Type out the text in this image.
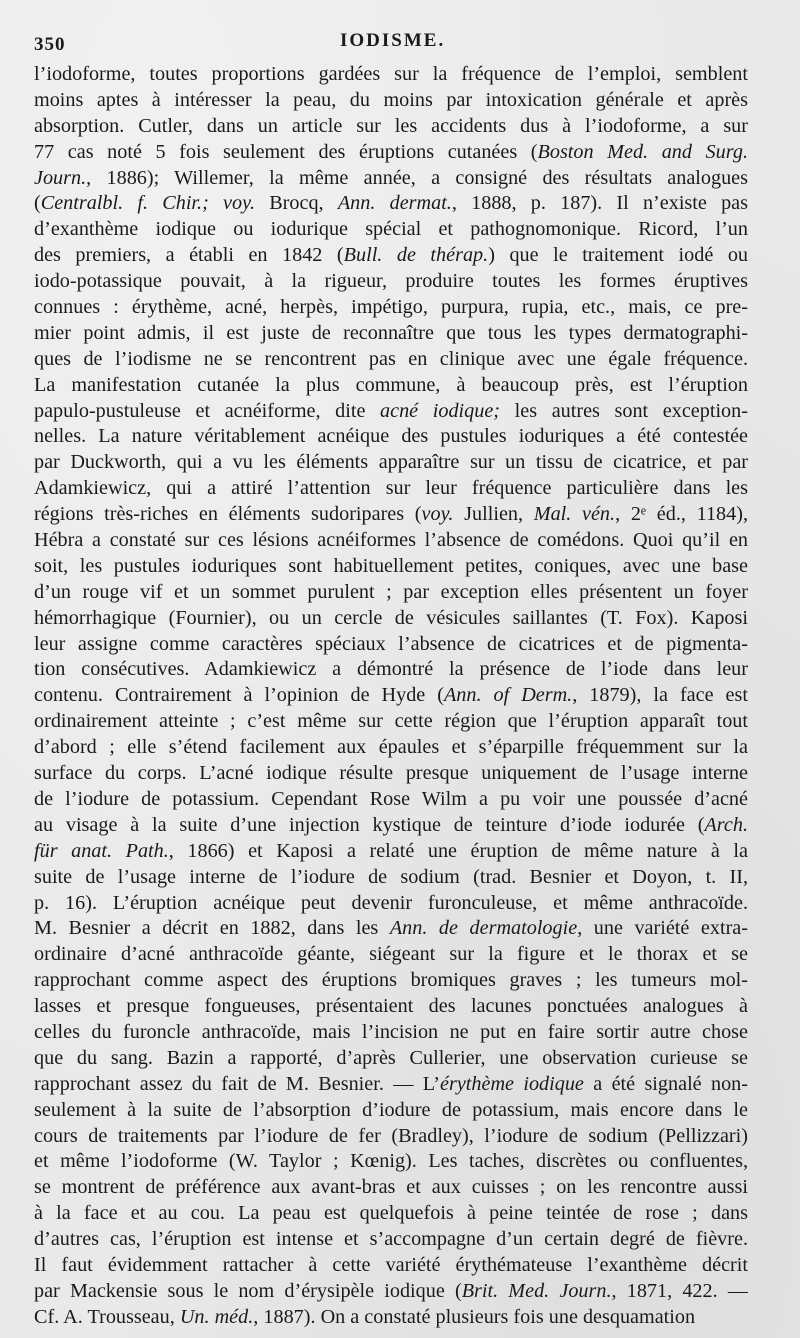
350	IODISME.
l’iodoforme, toutes proportions gardées sur la fréquence de l’emploi, semblent
moins aptes à intéresser la peau, du moins par intoxication générale et après
absorption. Cutler, dans un article sur les accidents dus à l’iodoforme, a sur
77 cas noté 5 fois seulement des éruptions cutanées (Boston Med. and Surg.
Journ., 1886); Willemer, la même année, a consigné des résultats analogues
(Centralbl. f. Chir.; voy. Brocq, Ann. dermat., 1888, p. 187). Il n’existe pas
d’exanthème iodique ou iodurique spécial et pathognomonique. Ricord, l’un
des premiers, a établi en 1842 (Bull. de thérap.) que le traitement iodé ou
iodo-potassique pouvait, à la rigueur, produire toutes les formes éruptives
connues : érythème, acné, herpès, impétigo, purpura, rupia, etc., mais, ce pre-
mier point admis, il est juste de reconnaître que tous les types dermatographi-
ques de l’iodisme ne se rencontrent pas en clinique avec une égale fréquence.
La manifestation cutanée la plus commune, à beaucoup près, est l’éruption
papulo-pustuleuse et acnéiforme, dite acné iodique; les autres sont exception-
nelles. La nature véritablement acnéique des pustules ioduriques a été contestée
par Duckworth, qui a vu les éléments apparaître sur un tissu de cicatrice, et par
Adamkiewicz, qui a attiré l’attention sur leur fréquence particulière dans les
régions très-riches en éléments sudoripares (voy. Jullien, Mal. vén., 2ᵉ éd., 1184),
Hébra a constaté sur ces lésions acnéiformes l’absence de comédons. Quoi qu’il en
soit, les pustules ioduriques sont habituellement petites, coniques, avec une base
d’un rouge vif et un sommet purulent ; par exception elles présentent un foyer
hémorrhagique (Fournier), ou un cercle de vésicules saillantes (T. Fox). Kaposi
leur assigne comme caractères spéciaux l’absence de cicatrices et de pigmenta-
tion consécutives. Adamkiewicz a démontré la présence de l’iode dans leur
contenu. Contrairement à l’opinion de Hyde (Ann. of Derm., 1879), la face est
ordinairement atteinte ; c’est même sur cette région que l’éruption apparaît tout
d’abord ; elle s’étend facilement aux épaules et s’éparpille fréquemment sur la
surface du corps. L’acné iodique résulte presque uniquement de l’usage interne
de l’iodure de potassium. Cependant Rose Wilm a pu voir une poussée d’acné
au visage à la suite d’une injection kystique de teinture d’iode iodurée (Arch.
für anat. Path., 1866) et Kaposi a relaté une éruption de même nature à la
suite de l’usage interne de l’iodure de sodium (trad. Besnier et Doyon, t. II,
p. 16). L’éruption acnéique peut devenir furonculeuse, et même anthracoïde.
M. Besnier a décrit en 1882, dans les Ann. de dermatologie, une variété extra-
ordinaire d’acné anthracoïde géante, siégeant sur la figure et le thorax et se
rapprochant comme aspect des éruptions bromiques graves ; les tumeurs mol-
lasses et presque fongueuses, présentaient des lacunes ponctuées analogues à
celles du furoncle anthracoïde, mais l’incision ne put en faire sortir autre chose
que du sang. Bazin a rapporté, d’après Cullerier, une observation curieuse se
rapprochant assez du fait de M. Besnier. — L’érythème iodique a été signalé non-
seulement à la suite de l’absorption d’iodure de potassium, mais encore dans le
cours de traitements par l’iodure de fer (Bradley), l’iodure de sodium (Pellizzari)
et même l’iodoforme (W. Taylor ; Kœnig). Les taches, discrètes ou confluentes,
se montrent de préférence aux avant-bras et aux cuisses ; on les rencontre aussi
à la face et au cou. La peau est quelquefois à peine teintée de rose ; dans
d’autres cas, l’éruption est intense et s’accompagne d’un certain degré de fièvre.
Il faut évidemment rattacher à cette variété érythémateuse l’exanthème décrit
par Mackensie sous le nom d’érysipèle iodique (Brit. Med. Journ., 1871, 422. —
Cf. A. Trousseau, Un. méd., 1887). On a constaté plusieurs fois une desquamation
